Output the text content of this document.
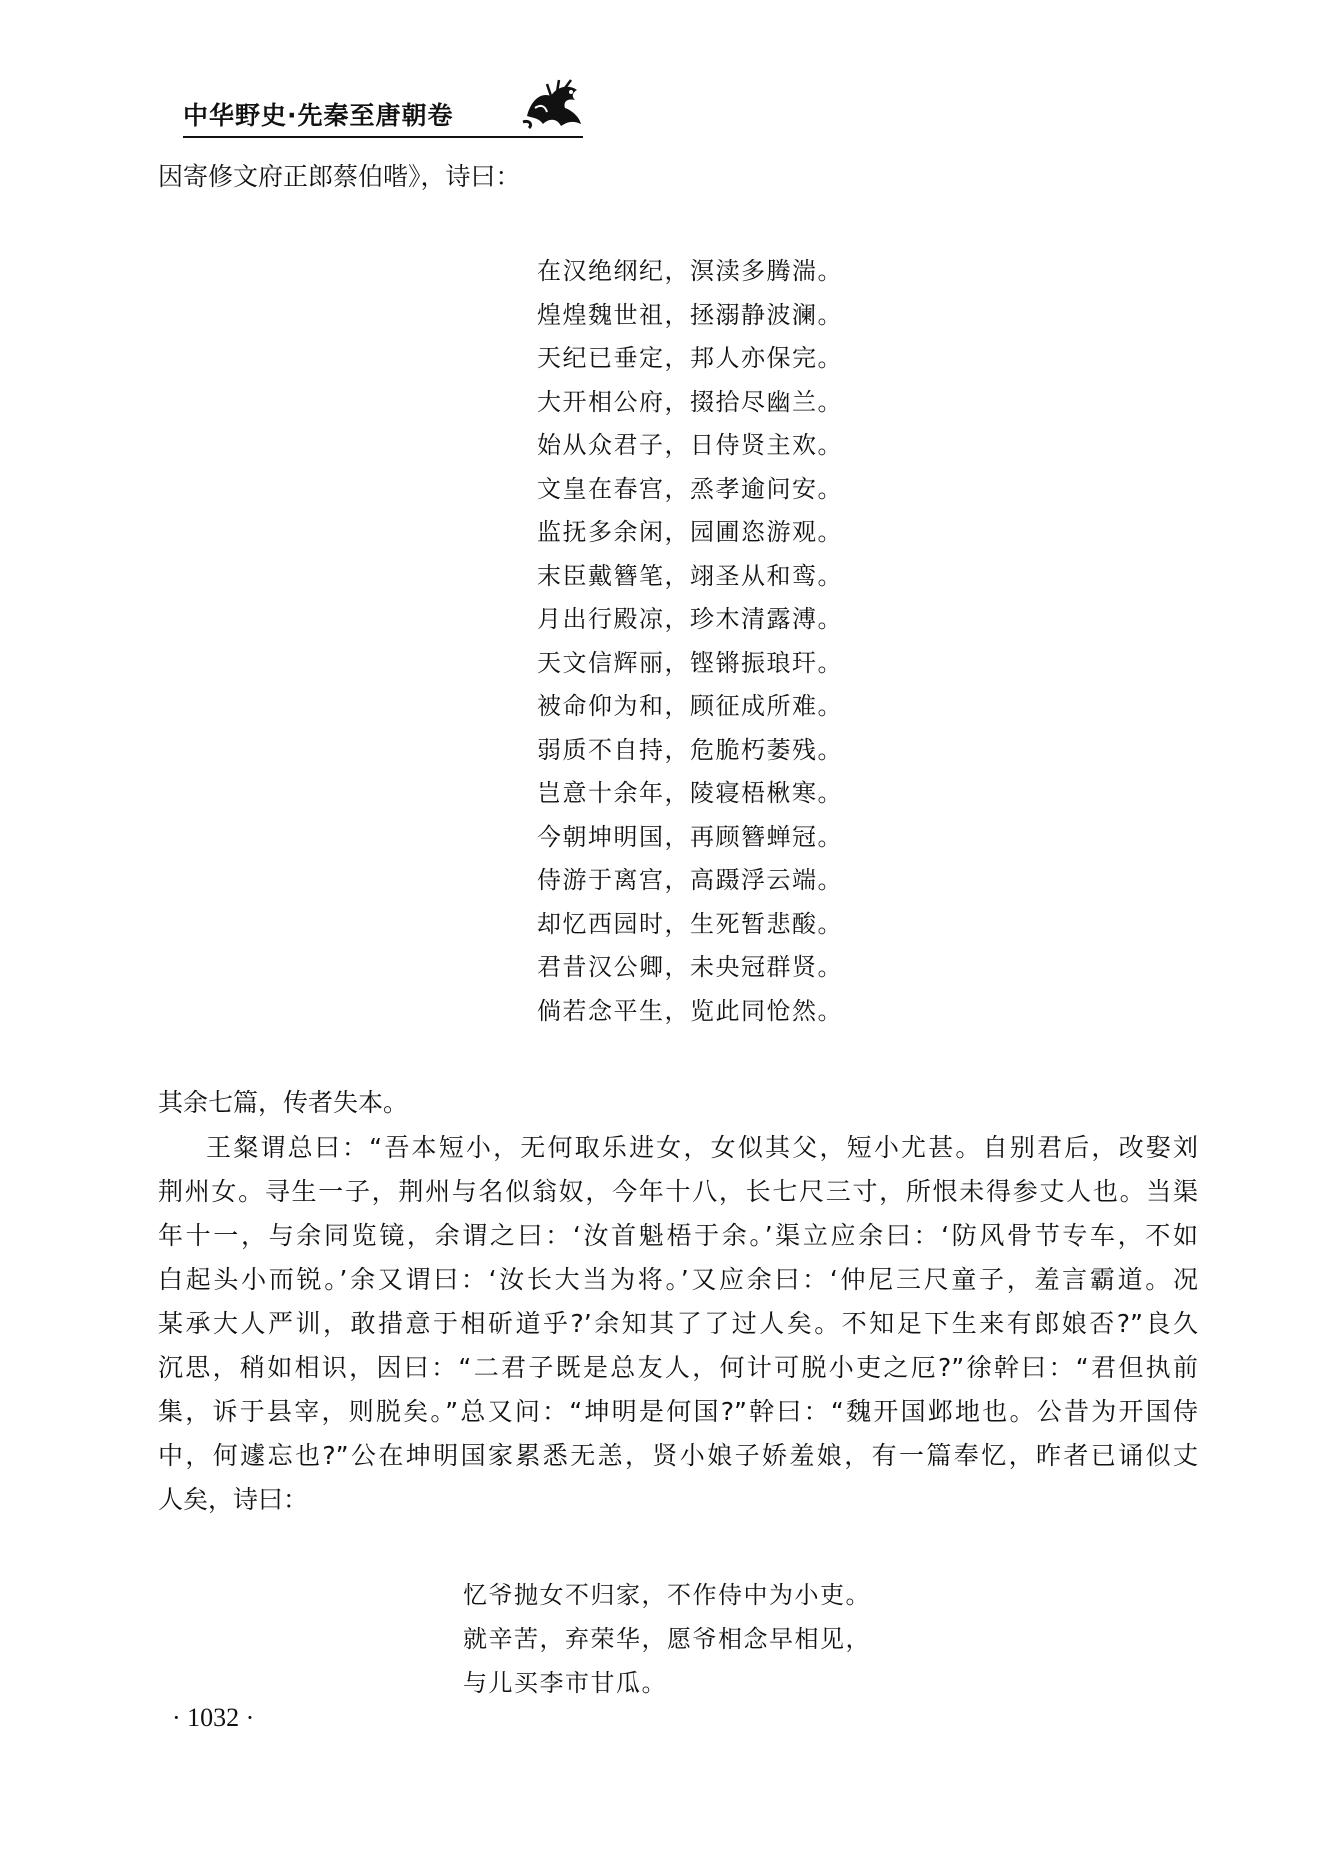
中华野史·先秦至唐朝卷
因寄修文府正郎蔡伯喈》，诗曰：
在汉绝纲纪，溟渎多腾湍。
煌煌魏世祖，拯溺静波澜。
天纪已垂定，邦人亦保完。
大开相公府，掇拾尽幽兰。
始从众君子，日侍贤主欢。
文皇在春宫，烝孝逾问安。
监抚多余闲，园圃恣游观。
末臣戴簪笔，翊圣从和鸾。
月出行殿凉，珍木清露溥。
天文信辉丽，铿锵振琅玕。
被命仰为和，顾征成所难。
弱质不自持，危脆朽萎残。
岂意十余年，陵寝梧楸寒。
今朝坤明国，再顾簪蝉冠。
侍游于离宫，高蹑浮云端。
却忆西园时，生死暂悲酸。
君昔汉公卿，未央冠群贤。
倘若念平生，览此同怆然。
其余七篇，传者失本。
王粲谓总曰：“吾本短小，无何取乐进女，女似其父，短小尤甚。自别君后，改娶刘
荆州女。寻生一子，荆州与名似翁奴，今年十八，长七尺三寸，所恨未得参丈人也。当渠
年十一，与余同览镜，余谓之曰：‘汝首魁梧于余。’渠立应余曰：‘防风骨节专车，不如
白起头小而锐。’余又谓曰：‘汝长大当为将。’又应余曰：‘仲尼三尺童子，羞言霸道。况
某承大人严训，敢措意于相斫道乎?’余知其了了过人矣。不知足下生来有郎娘否?”良久
沉思，稍如相识，因曰：“二君子既是总友人，何计可脱小吏之厄?”徐幹曰：“君但执前
集，诉于县宰，则脱矣。”总又问：“坤明是何国?”幹曰：“魏开国邺地也。公昔为开国侍
中，何遽忘也?”公在坤明国家累悉无恙，贤小娘子娇羞娘，有一篇奉忆，昨者已诵似丈
人矣，诗曰：
忆爷抛女不归家，不作侍中为小吏。
就辛苦，弃荣华，愿爷相念早相见，
与儿买李市甘瓜。
· 1032 ·
